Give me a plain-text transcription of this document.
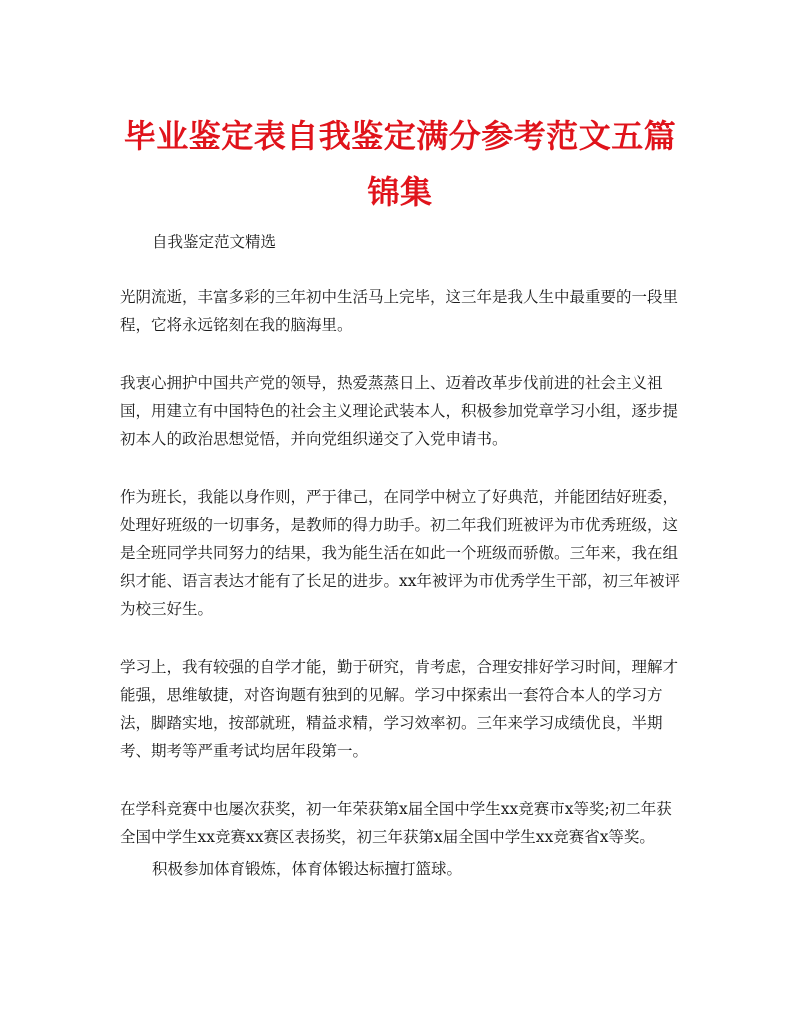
毕业鉴定表自我鉴定满分参考范文五篇锦集

自我鉴定范文精选

光阴流逝，丰富多彩的三年初中生活马上完毕，这三年是我人生中最重要的一段里程，它将永远铭刻在我的脑海里。

我衷心拥护中国共产党的领导，热爱蒸蒸日上、迈着改革步伐前进的社会主义祖国，用建立有中国特色的社会主义理论武装本人，积极参加党章学习小组，逐步提初本人的政治思想觉悟，并向党组织递交了入党申请书。

作为班长，我能以身作则，严于律己，在同学中树立了好典范，并能团结好班委，处理好班级的一切事务，是教师的得力助手。初二年我们班被评为市优秀班级，这是全班同学共同努力的结果，我为能生活在如此一个班级而骄傲。三年来，我在组织才能、语言表达才能有了长足的进步。xx年被评为市优秀学生干部，初三年被评为校三好生。

学习上，我有较强的自学才能，勤于研究，肯考虑，合理安排好学习时间，理解才能强，思维敏捷，对咨询题有独到的见解。学习中探索出一套符合本人的学习方法，脚踏实地，按部就班，精益求精，学习效率初。三年来学习成绩优良，半期考、期考等严重考试均居年段第一。

在学科竞赛中也屡次获奖，初一年荣获第x届全国中学生xx竞赛市x等奖;初二年获全国中学生xx竞赛xx赛区表扬奖，初三年获第x届全国中学生xx竞赛省x等奖。

积极参加体育锻炼，体育体锻达标擅打篮球。
